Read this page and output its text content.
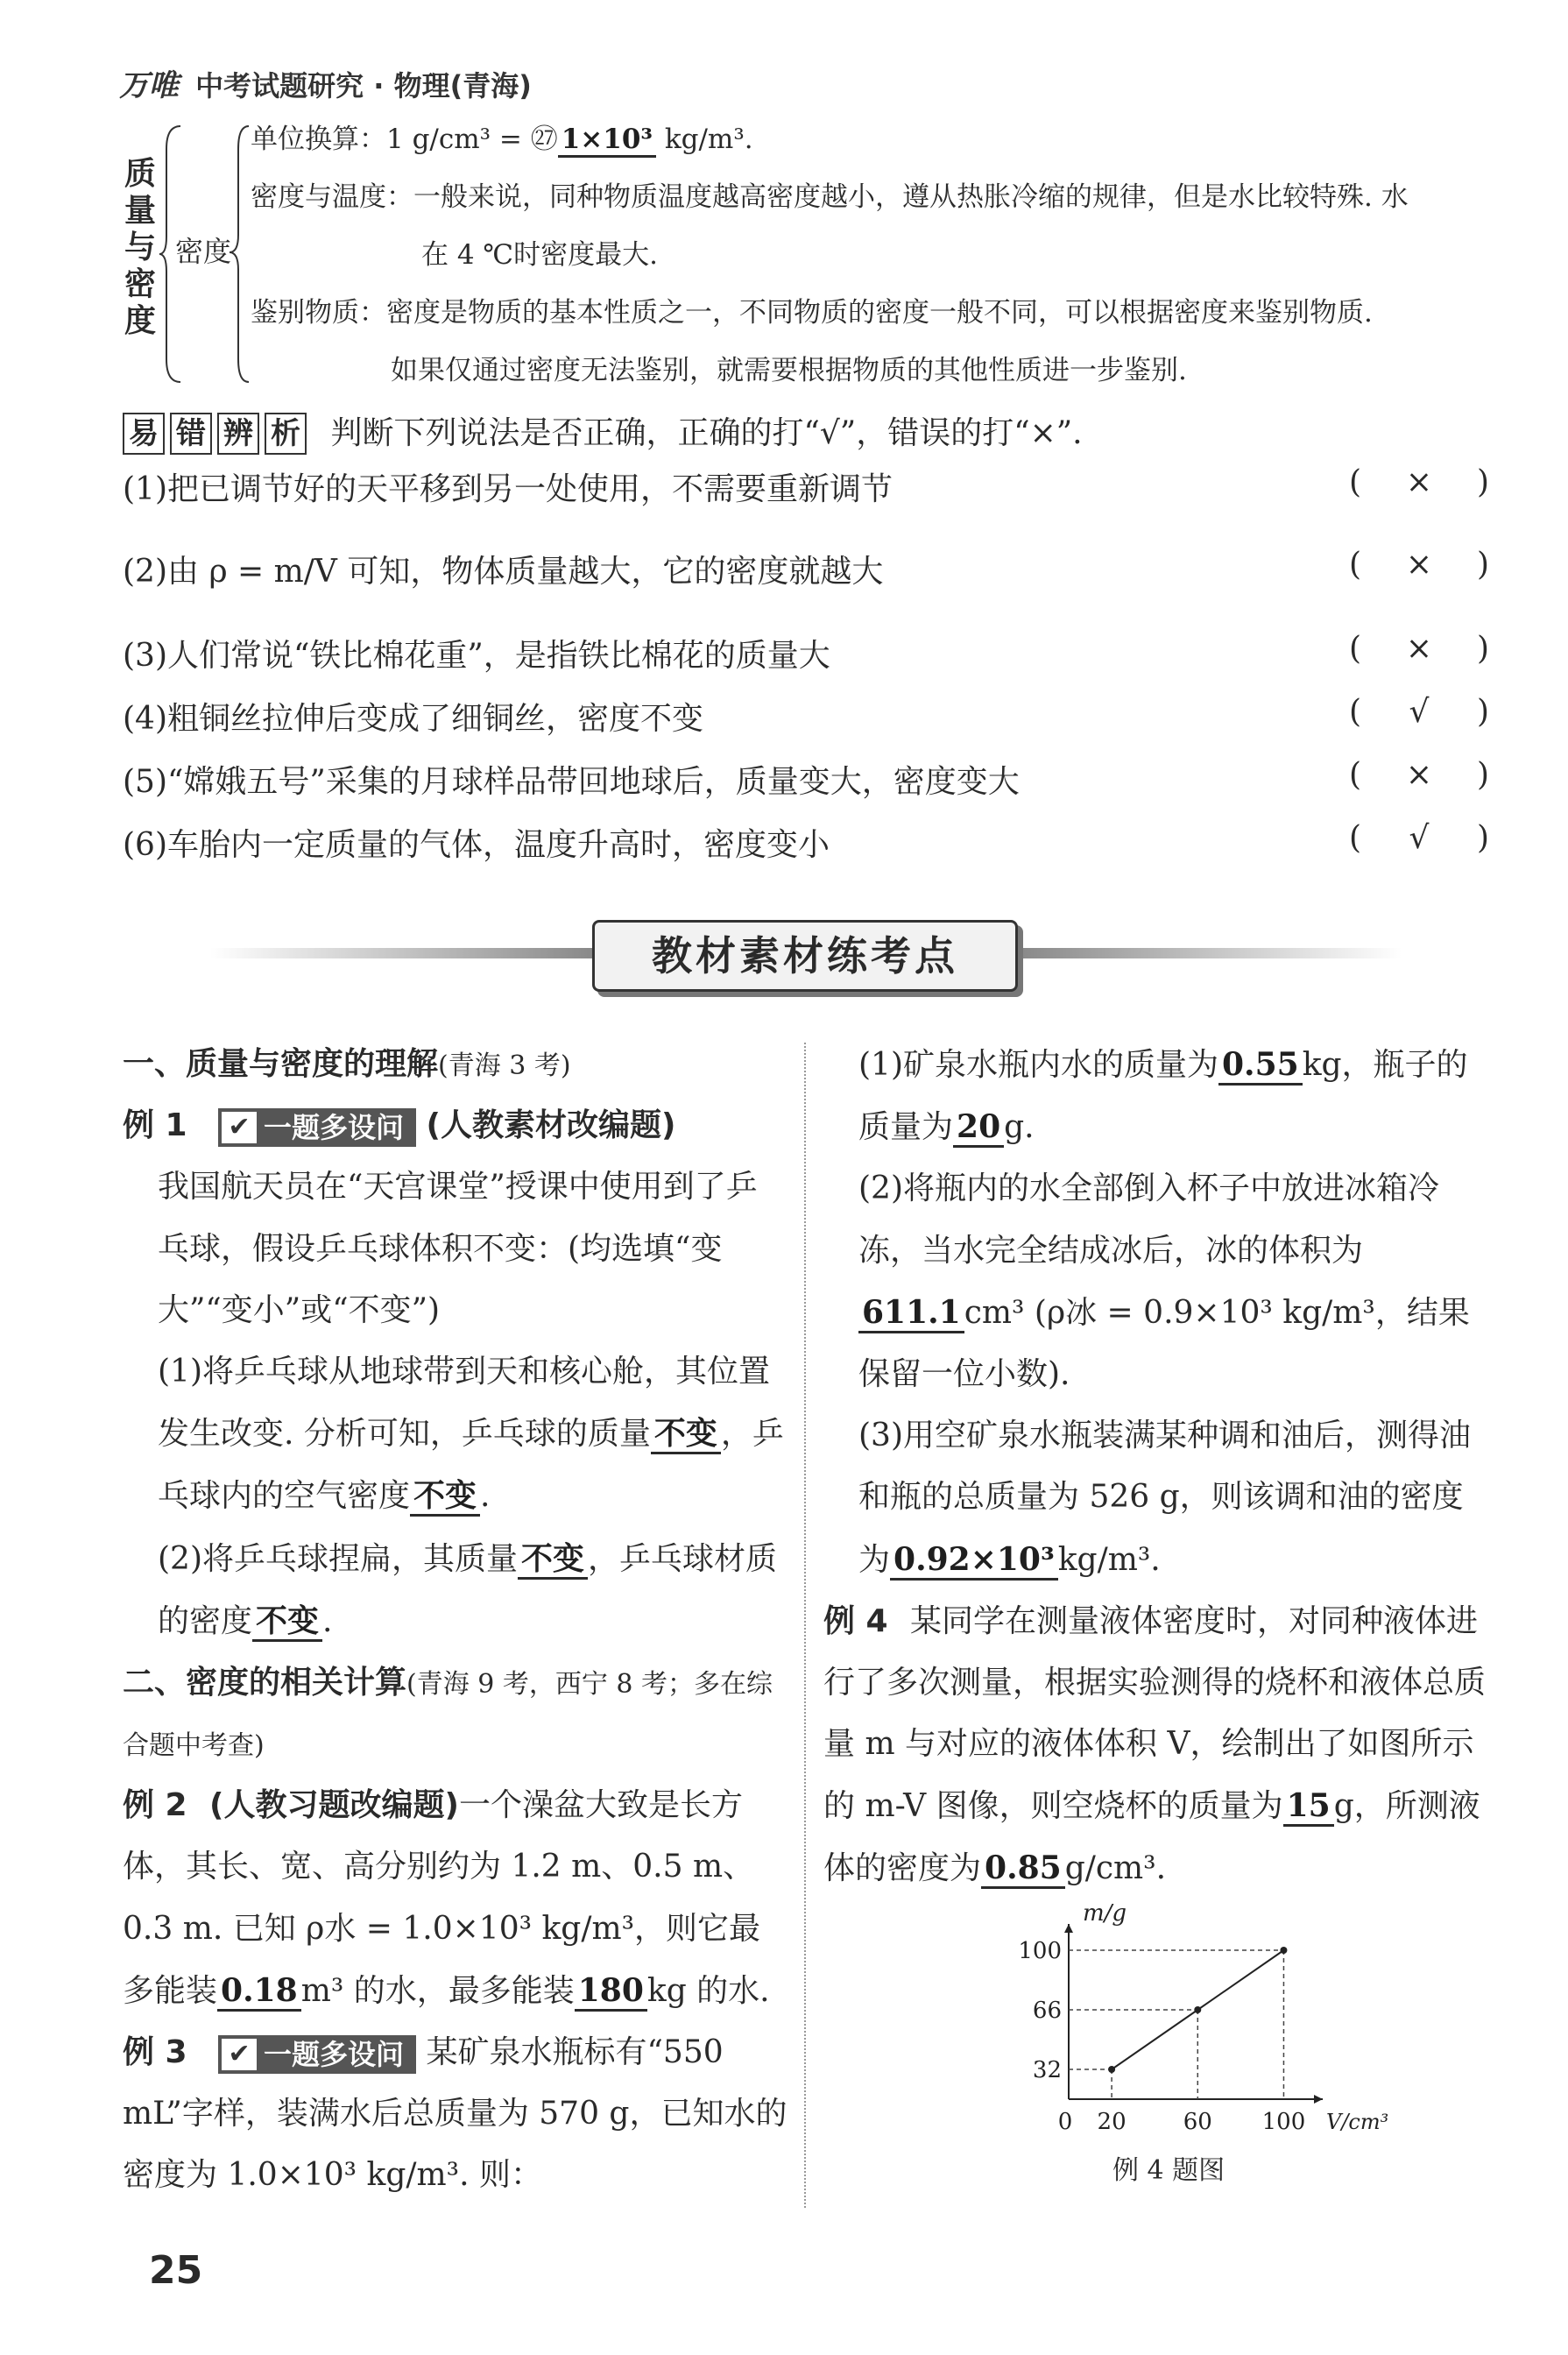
万唯 中考试题研究 · 物理(青海)
质
量
与
密
度
密度
单位换算：1 g/cm³ = ㉗ 1×10³ kg/m³.
密度与温度：一般来说，同种物质温度越高密度越小，遵从热胀冷缩的规律，但是水比较特殊. 水
在 4 ℃时密度最大.
鉴别物质：密度是物质的基本性质之一，不同物质的密度一般不同，可以根据密度来鉴别物质.
如果仅通过密度无法鉴别，就需要根据物质的其他性质进一步鉴别.
易 错 辨 析 判断下列说法是否正确，正确的打“√”，错误的打“×”.
(1)把已调节好的天平移到另一处使用，不需要重新调节	( × )
(2)由 ρ = m/V 可知，物体质量越大，它的密度就越大	( × )
(3)人们常说“铁比棉花重”，是指铁比棉花的质量大	( × )
(4)粗铜丝拉伸后变成了细铜丝，密度不变	( √ )
(5)“嫦娥五号”采集的月球样品带回地球后，质量变大，密度变大	( × )
(6)车胎内一定质量的气体，温度升高时，密度变小	( √ )
教材素材练考点
一、质量与密度的理解(青海 3 考)
例 1 ✔ 一题多设问 (人教素材改编题)
我国航天员在“天宫课堂”授课中使用到了乒乓球，假设乒乓球体积不变：(均选填“变大”“变小”或“不变”)
(1)将乒乓球从地球带到天和核心舱，其位置发生改变. 分析可知，乒乓球的质量 不变 ，乒乓球内的空气密度 不变 .
(2)将乒乓球捏扁，其质量 不变 ，乒乓球材质的密度 不变 .
二、密度的相关计算(青海 9 考，西宁 8 考；多在综合题中考查)
例 2 (人教习题改编题)一个澡盆大致是长方体，其长、宽、高分别约为 1.2 m、0.5 m、0.3 m. 已知 ρ水 = 1.0×10³ kg/m³，则它最多能装 0.18 m³ 的水，最多能装 180 kg 的水.
例 3 ✔ 一题多设问 某矿泉水瓶标有“550 mL”字样，装满水后总质量为 570 g，已知水的密度为 1.0×10³ kg/m³. 则：
(1)矿泉水瓶内水的质量为 0.55 kg，瓶子的质量为 20 g.
(2)将瓶内的水全部倒入杯子中放进冰箱冷冻，当水完全结成冰后，冰的体积为611.1 cm³ (ρ冰 = 0.9×10³ kg/m³，结果保留一位小数).
(3)用空矿泉水瓶装满某种调和油后，测得油和瓶的总质量为 526 g，则该调和油的密度为 0.92×10³ kg/m³.
例 4 某同学在测量液体密度时，对同种液体进行了多次测量，根据实验测得的烧杯和液体总质量 m 与对应的液体体积 V，绘制出了如图所示的 m-V 图像，则空烧杯的质量为 15 g，所测液体的密度为 0.85 g/cm³.
32
66
100
0 20	60 100
m/g
V/cm³
例 4 题图
25
